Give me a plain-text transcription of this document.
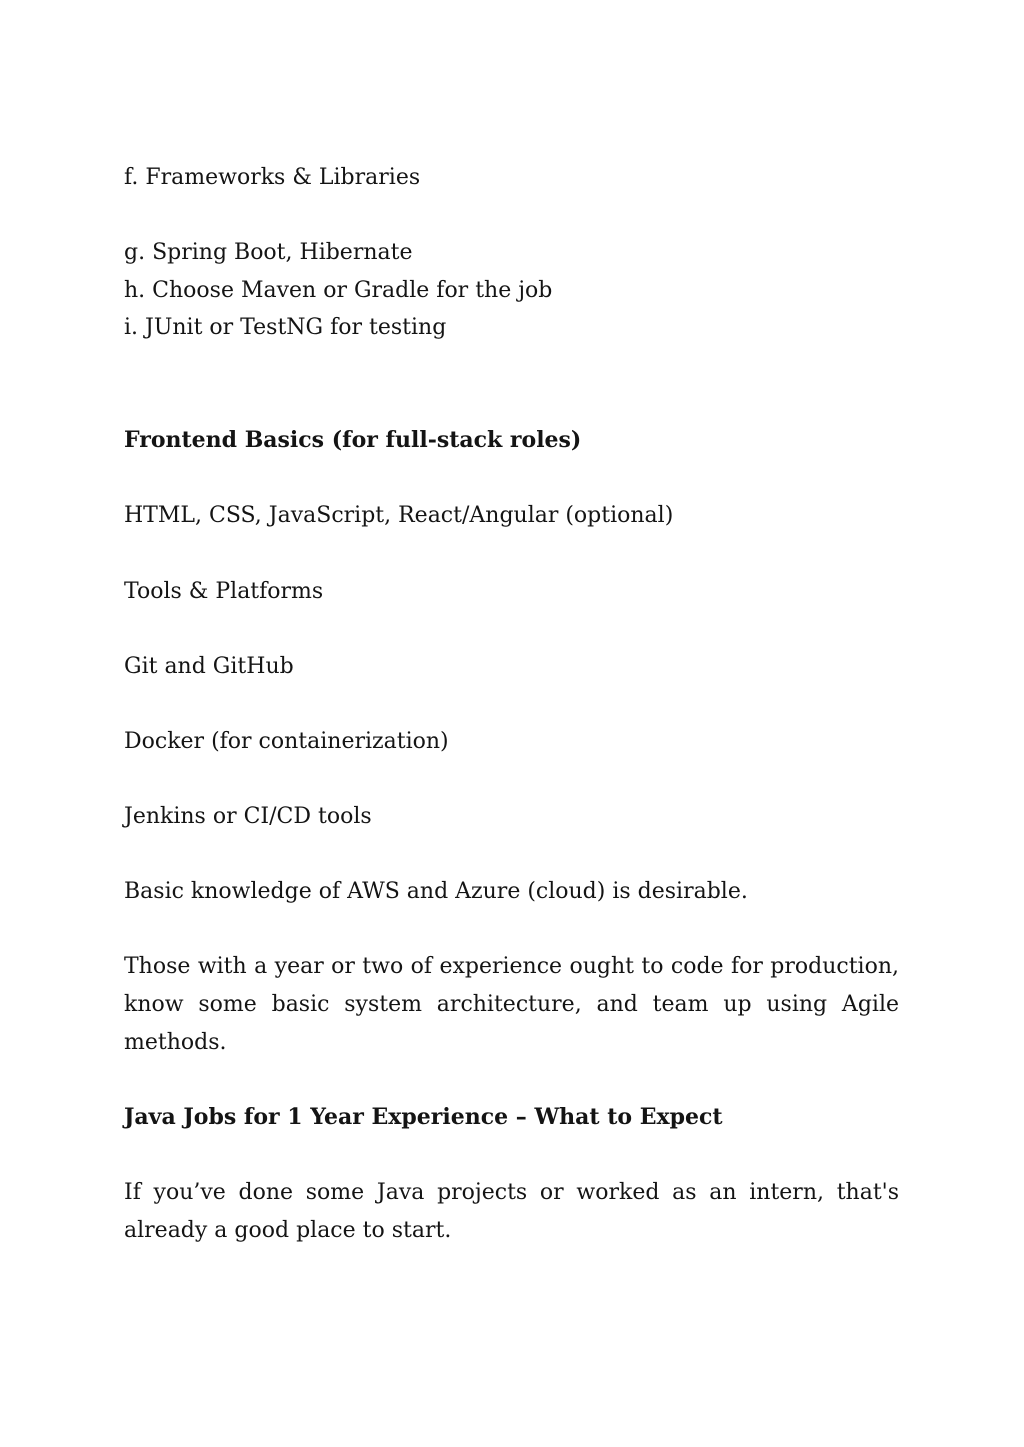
f. Frameworks & Libraries
g. Spring Boot, Hibernate
h. Choose Maven or Gradle for the job
i. JUnit or TestNG for testing
Frontend Basics (for full-stack roles)
HTML, CSS, JavaScript, React/Angular (optional)
Tools & Platforms
Git and GitHub
Docker (for containerization)
Jenkins or CI/CD tools
Basic knowledge of AWS and Azure (cloud) is desirable.

Those with a year or two of experience ought to code for production, know some basic system architecture, and team up using Agile methods.

Java Jobs for 1 Year Experience – What to Expect

If you’ve done some Java projects or worked as an intern, that's already a good place to start.
